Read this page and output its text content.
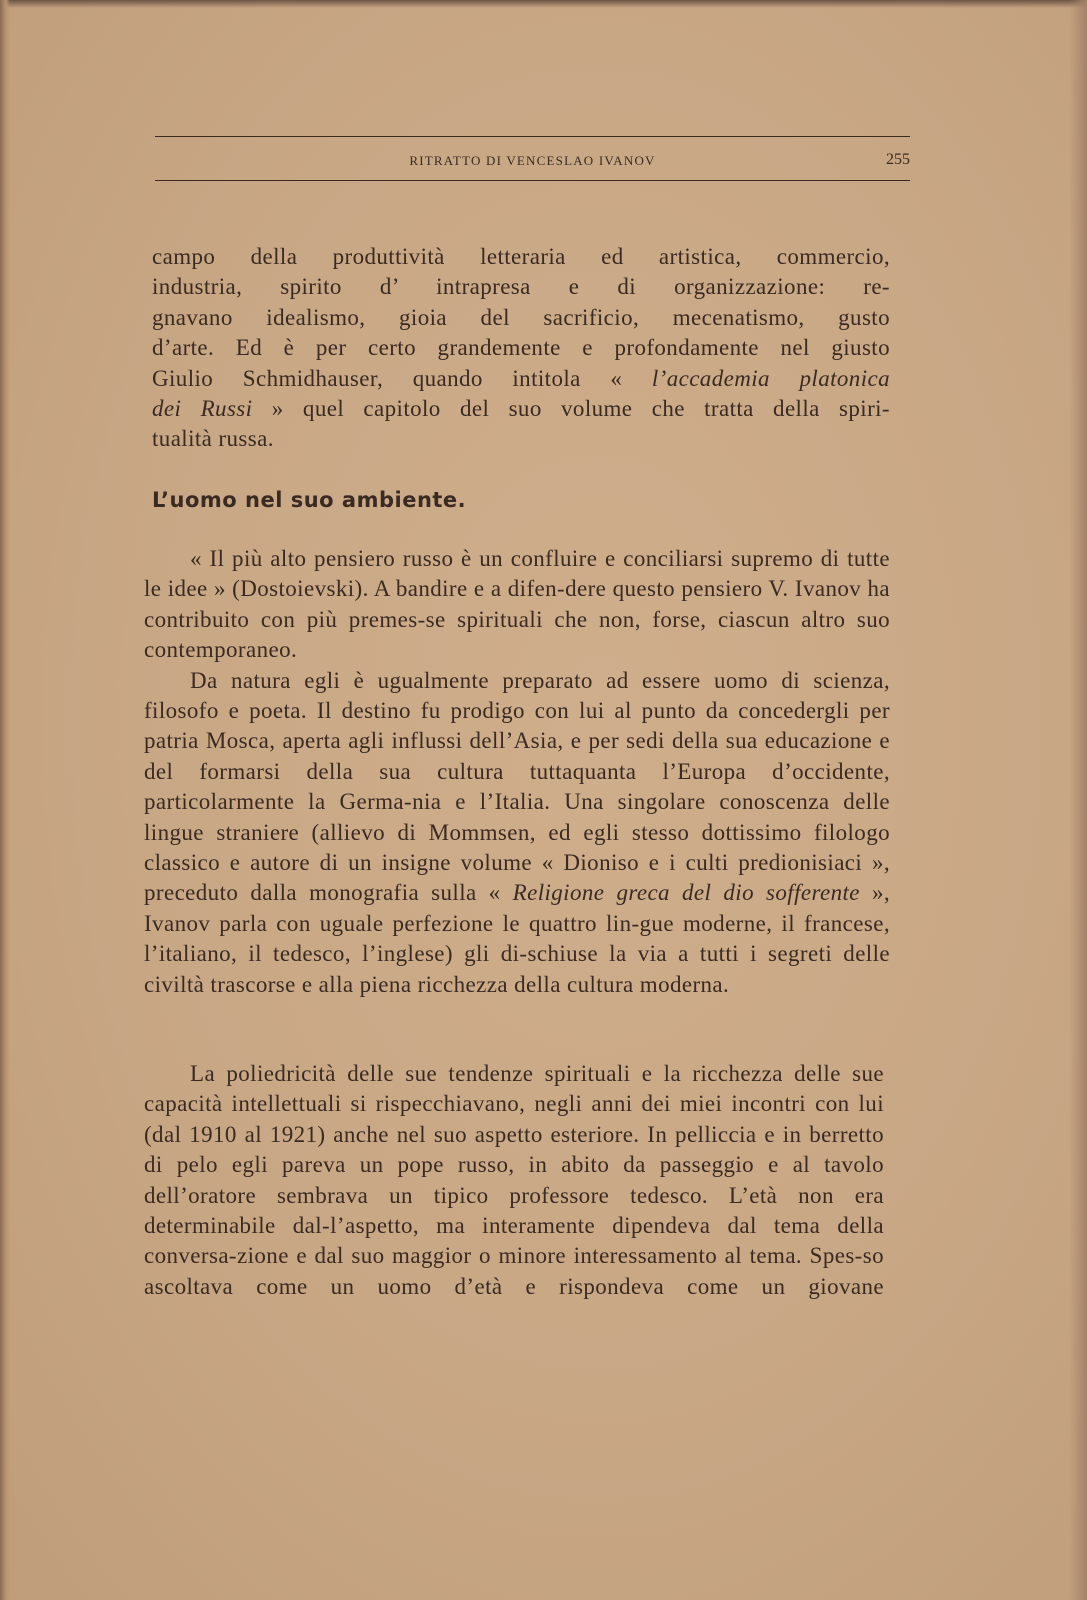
RITRATTO DI VENCESLAO IVANOV	255
campo della produttività letteraria ed artistica, commercio,
industria, spirito d’ intrapresa e di organizzazione: re-
gnavano idealismo, gioia del sacrificio, mecenatismo, gusto
d’arte. Ed è per certo grandemente e profondamente nel giusto
Giulio Schmidhauser, quando intitola « l’accademia platonica
dei Russi » quel capitolo del suo volume che tratta della spiri-
tualità russa.
L’uomo nel suo ambiente.

« Il più alto pensiero russo è un confluire e conciliarsi supremo di tutte le idee » (Dostoievski). A bandire e a difen-dere questo pensiero V. Ivanov ha contribuito con più premes-se spirituali che non, forse, ciascun altro suo contemporaneo.

Da natura egli è ugualmente preparato ad essere uomo di scienza, filosofo e poeta. Il destino fu prodigo con lui al punto da concedergli per patria Mosca, aperta agli influssi dell’Asia, e per sedi della sua educazione e del formarsi della sua cultura tuttaquanta l’Europa d’occidente, particolarmente la Germa-nia e l’Italia. Una singolare conoscenza delle lingue straniere (allievo di Mommsen, ed egli stesso dottissimo filologo classico e autore di un insigne volume « Dioniso e i culti predionisiaci », preceduto dalla monografia sulla « Religione greca del dio sofferente », Ivanov parla con uguale perfezione le quattro lin-gue moderne, il francese, l’italiano, il tedesco, l’inglese) gli di-schiuse la via a tutti i segreti delle civiltà trascorse e alla piena ricchezza della cultura moderna.

La poliedricità delle sue tendenze spirituali e la ricchezza delle sue capacità intellettuali si rispecchiavano, negli anni dei miei incontri con lui (dal 1910 al 1921) anche nel suo aspetto esteriore. In pelliccia e in berretto di pelo egli pareva un pope russo, in abito da passeggio e al tavolo dell’oratore sembrava un tipico professore tedesco. L’età non era determinabile dal-l’aspetto, ma interamente dipendeva dal tema della conversa-zione e dal suo maggior o minore interessamento al tema. Spes-so ascoltava come un uomo d’età e rispondeva come un giovane
